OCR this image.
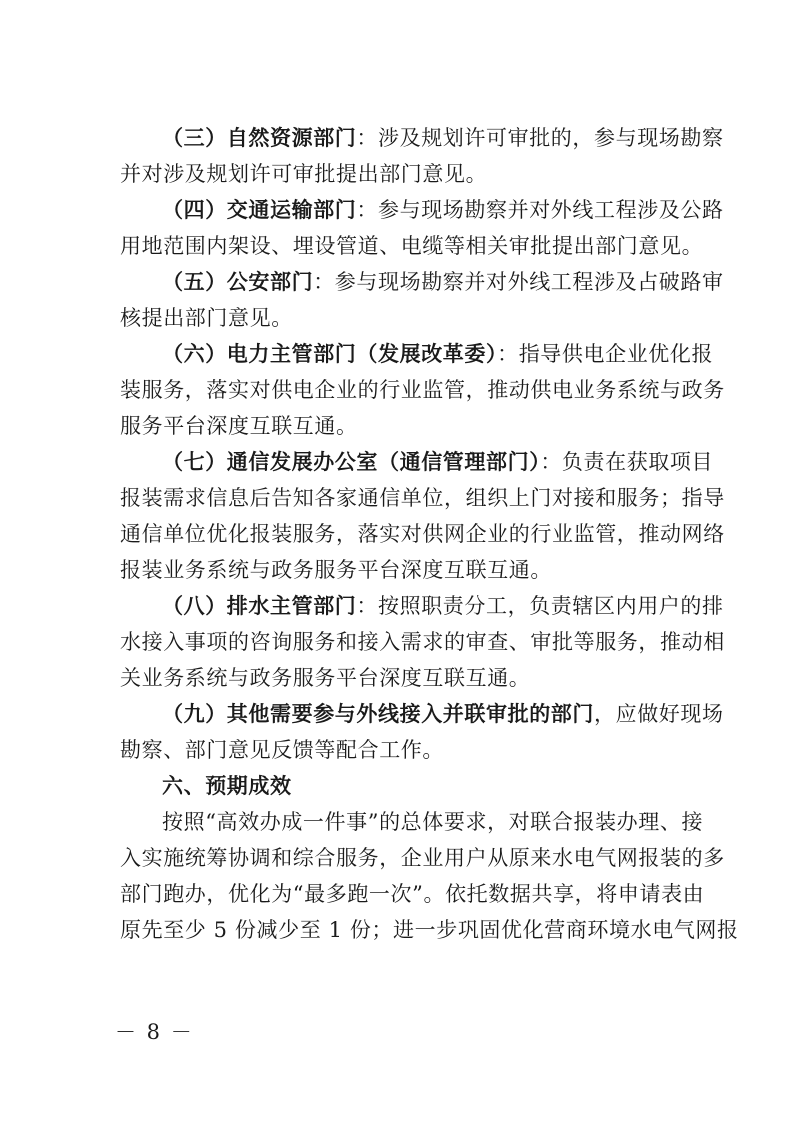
（三）自然资源部门：涉及规划许可审批的，参与现场勘察
并对涉及规划许可审批提出部门意见。

（四）交通运输部门：参与现场勘察并对外线工程涉及公路
用地范围内架设、埋设管道、电缆等相关审批提出部门意见。

（五）公安部门：参与现场勘察并对外线工程涉及占破路审
核提出部门意见。

（六）电力主管部门（发展改革委）：指导供电企业优化报
装服务，落实对供电企业的行业监管，推动供电业务系统与政务
服务平台深度互联互通。

（七）通信发展办公室（通信管理部门）：负责在获取项目
报装需求信息后告知各家通信单位，组织上门对接和服务；指导
通信单位优化报装服务，落实对供网企业的行业监管，推动网络
报装业务系统与政务服务平台深度互联互通。

（八）排水主管部门：按照职责分工，负责辖区内用户的排
水接入事项的咨询服务和接入需求的审查、审批等服务，推动相
关业务系统与政务服务平台深度互联互通。

（九）其他需要参与外线接入并联审批的部门，应做好现场
勘察、部门意见反馈等配合工作。

六、预期成效

按照“高效办成一件事”的总体要求，对联合报装办理、接
入实施统筹协调和综合服务，企业用户从原来水电气网报装的多
部门跑办，优化为“最多跑一次”。依托数据共享，将申请表由
原先至少 5 份减少至 1 份；进一步巩固优化营商环境水电气网报

－ 8 －
